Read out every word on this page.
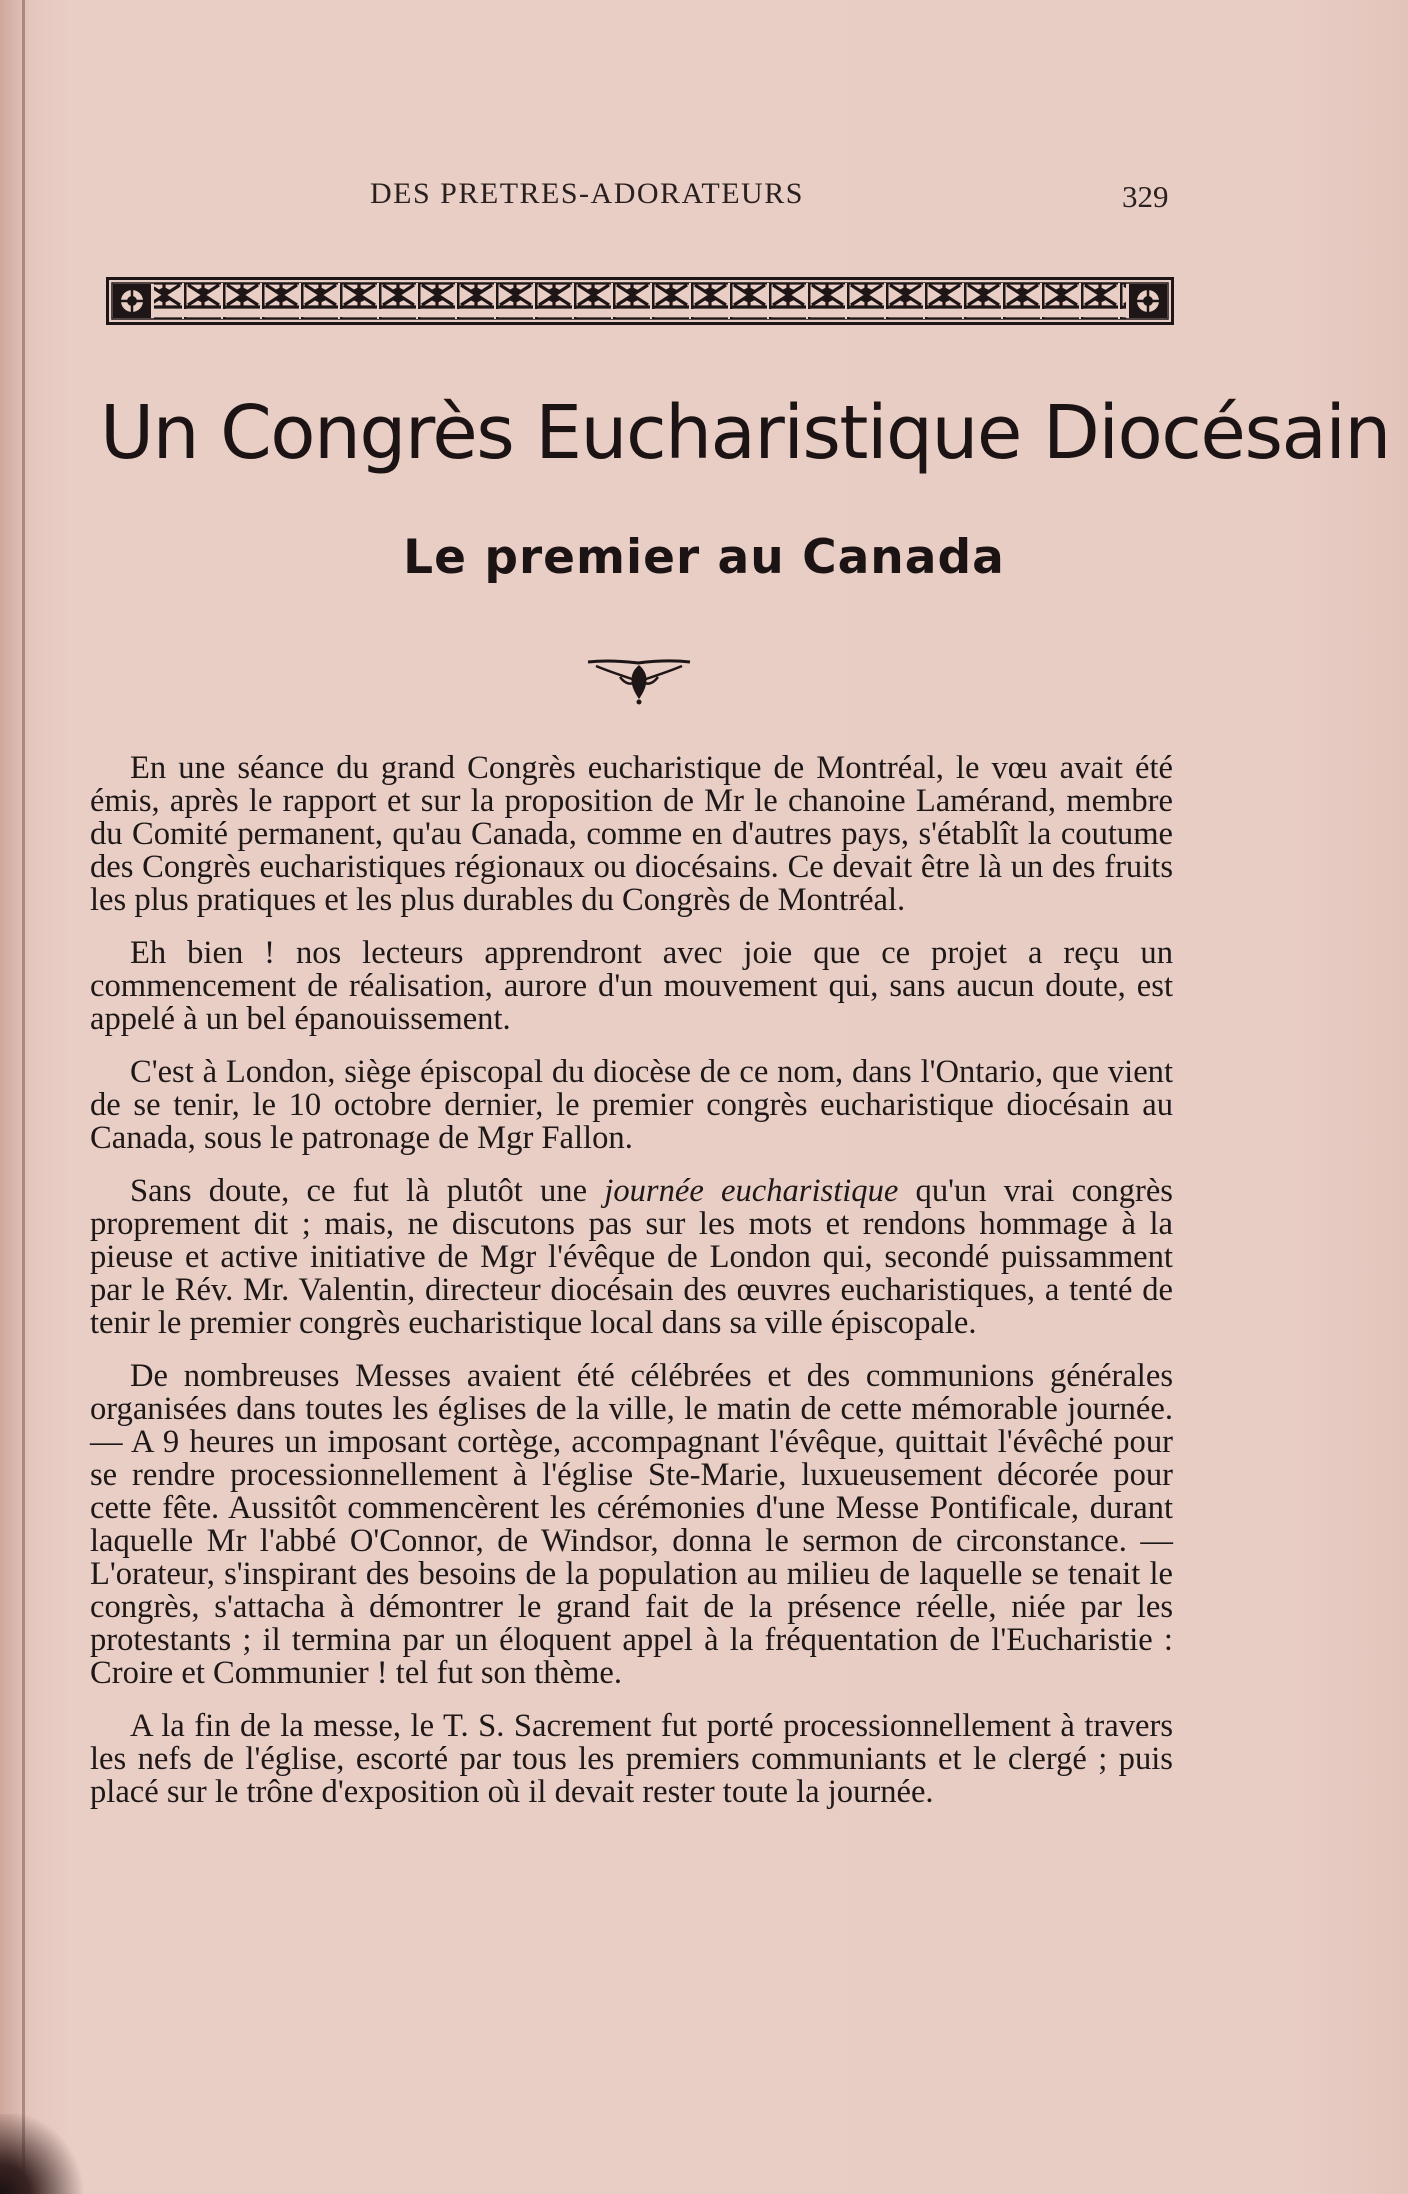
DES PRETRES-ADORATEURS	329
Un Congrès Eucharistique Diocésain
Le premier au Canada

En une séance du grand Congrès eucharistique de Montréal, le vœu avait été émis, après le rapport et sur la proposition de Mr le chanoine Lamérand, membre du Comité permanent, qu'au Canada, comme en d'autres pays, s'établît la coutume des Congrès eucharistiques régionaux ou diocésains. Ce devait être là un des fruits les plus pratiques et les plus durables du Congrès de Montréal.

Eh bien ! nos lecteurs apprendront avec joie que ce projet a reçu un commencement de réalisation, aurore d'un mouvement qui, sans aucun doute, est appelé à un bel épanouissement.

C'est à London, siège épiscopal du diocèse de ce nom, dans l'Ontario, que vient de se tenir, le 10 octobre dernier, le premier congrès eucharistique diocésain au Canada, sous le patronage de Mgr Fallon.

Sans doute, ce fut là plutôt une journée eucharistique qu'un vrai congrès proprement dit ; mais, ne discutons pas sur les mots et rendons hommage à la pieuse et active initiative de Mgr l'évêque de London qui, secondé puissamment par le Rév. Mr. Valentin, directeur diocésain des œuvres eucharistiques, a tenté de tenir le premier congrès eucharistique local dans sa ville épiscopale.

De nombreuses Messes avaient été célébrées et des communions générales organisées dans toutes les églises de la ville, le matin de cette mémorable journée. — A 9 heures un imposant cortège, accompagnant l'évêque, quittait l'évêché pour se rendre processionnellement à l'église Ste-Marie, luxueusement décorée pour cette fête. Aussitôt commencèrent les cérémonies d'une Messe Pontificale, durant laquelle Mr l'abbé O'Connor, de Windsor, donna le sermon de circonstance. — L'orateur, s'inspirant des besoins de la population au milieu de laquelle se tenait le congrès, s'attacha à démontrer le grand fait de la présence réelle, niée par les protestants ; il termina par un éloquent appel à la fréquentation de l'Eucharistie : Croire et Communier ! tel fut son thème.

A la fin de la messe, le T. S. Sacrement fut porté processionnellement à travers les nefs de l'église, escorté par tous les premiers communiants et le clergé ; puis placé sur le trône d'exposition où il devait rester toute la journée.
